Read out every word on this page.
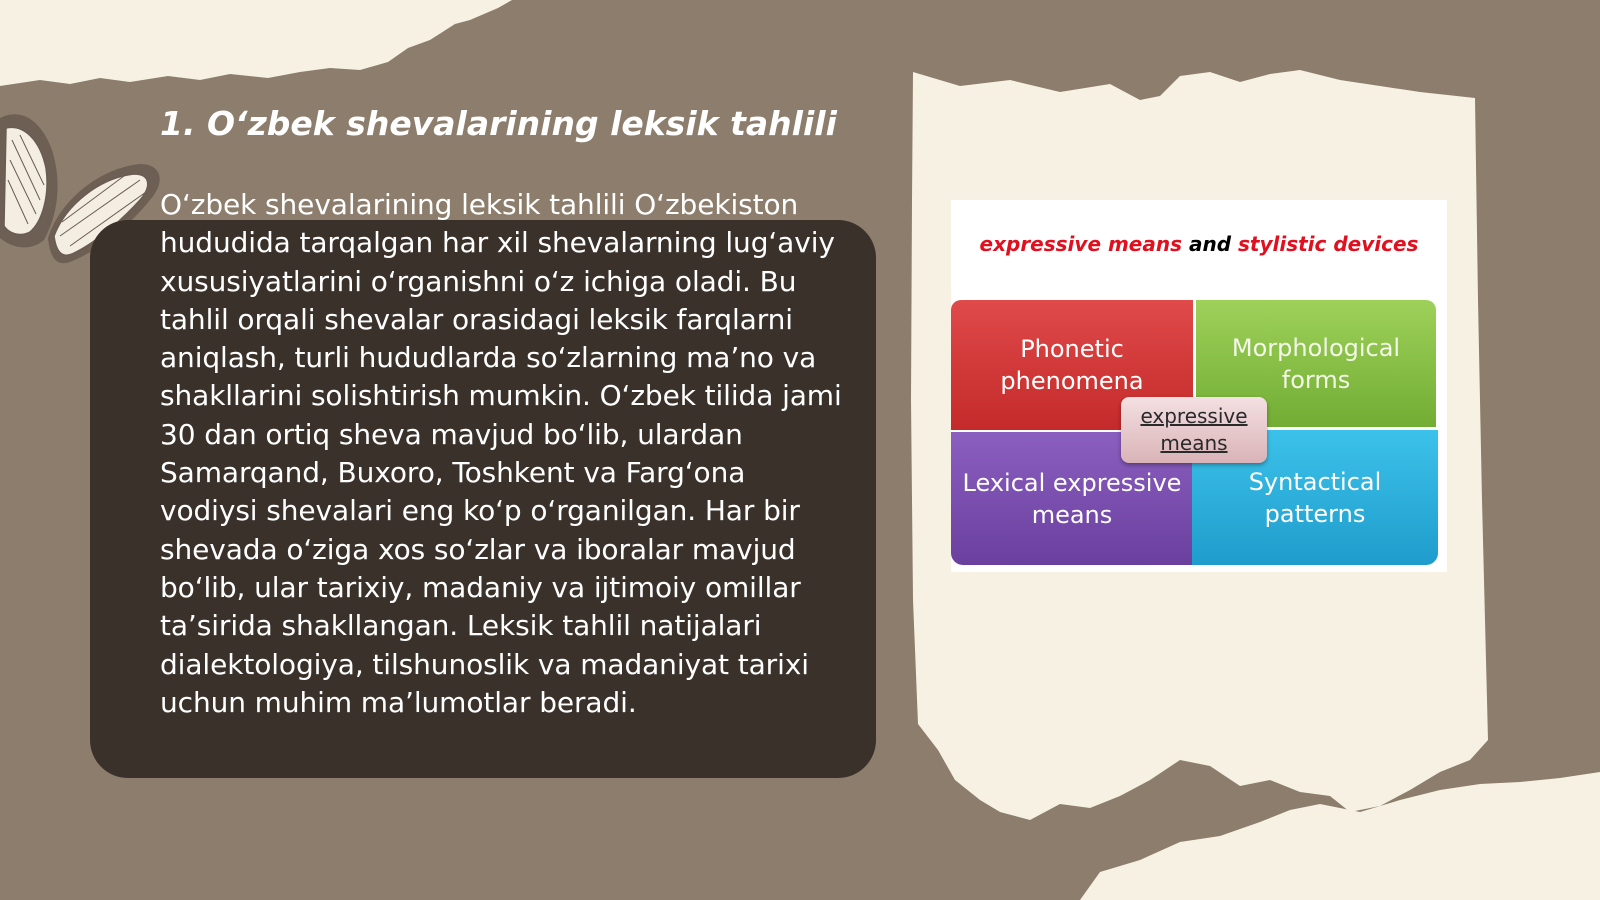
1. O‘zbek shevalarining leksik tahlili

O‘zbek shevalarining leksik tahlili O‘zbekiston hududida tarqalgan har xil shevalarning lug‘aviy xususiyatlarini o‘rganishni o‘z ichiga oladi. Bu tahlil orqali shevalar orasidagi leksik farqlarni aniqlash, turli hududlarda so‘zlarning ma’no va shakllarini solishtirish mumkin. O‘zbek tilida jami 30 dan ortiq sheva mavjud bo‘lib, ulardan Samarqand, Buxoro, Toshkent va Farg‘ona vodiysi shevalari eng ko‘p o‘rganilgan. Har bir shevada o‘ziga xos so‘zlar va iboralar mavjud bo‘lib, ular tarixiy, madaniy va ijtimoiy omillar ta’sirida shakllangan. Leksik tahlil natijalari dialektologiya, tilshunoslik va madaniyat tarixi uchun muhim ma’lumotlar beradi.

expressive means and stylistic devices
Phonetic phenomena
Morphological forms
Lexical expressive means
Syntactical patterns
expressive means
